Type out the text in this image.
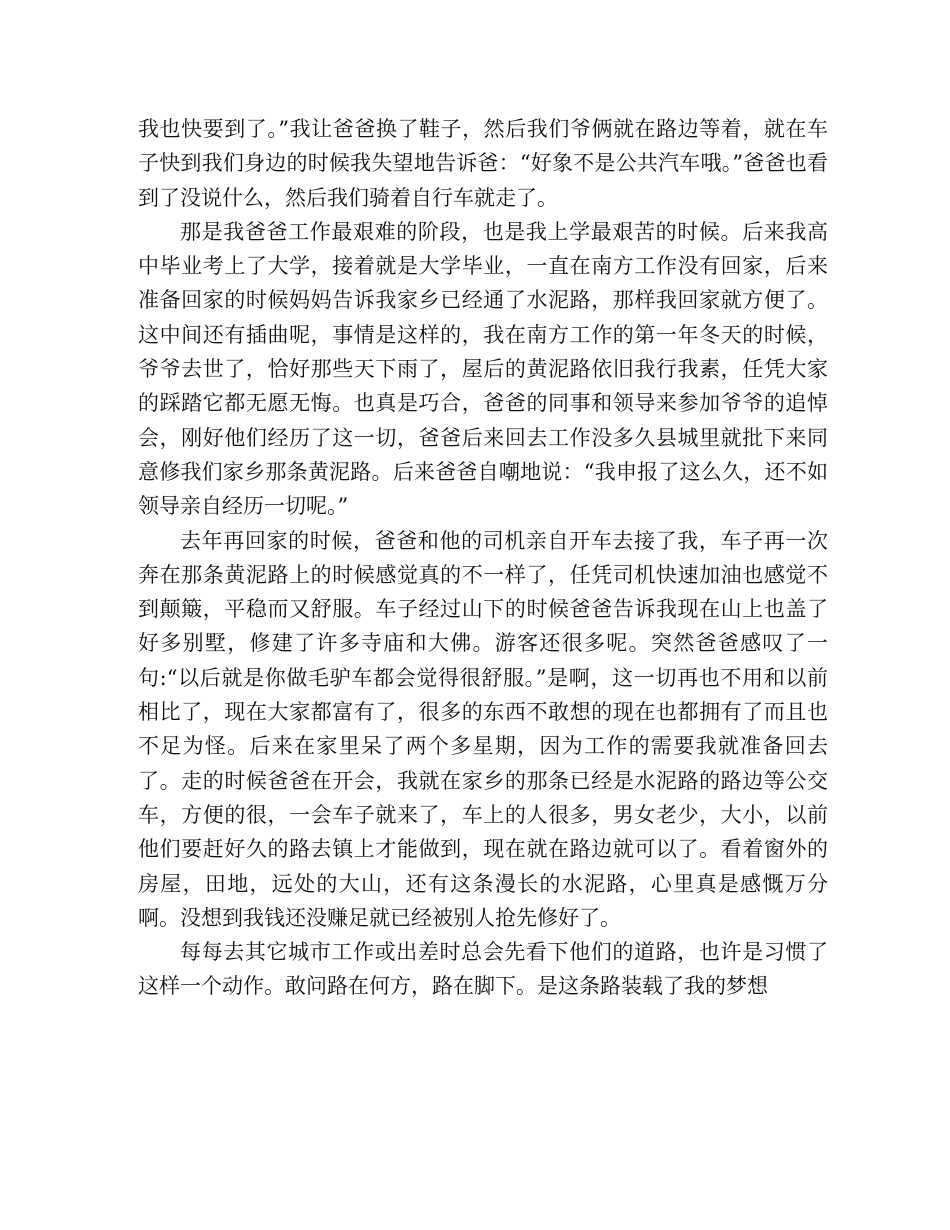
我也快要到了。”我让爸爸换了鞋子，然后我们爷俩就在路边等着，就在车子快到我们身边的时候我失望地告诉爸：“好象不是公共汽车哦。”爸爸也看到了没说什么，然后我们骑着自行车就走了。

那是我爸爸工作最艰难的阶段，也是我上学最艰苦的时候。后来我高中毕业考上了大学，接着就是大学毕业，一直在南方工作没有回家，后来准备回家的时候妈妈告诉我家乡已经通了水泥路，那样我回家就方便了。这中间还有插曲呢，事情是这样的，我在南方工作的第一年冬天的时候，爷爷去世了，恰好那些天下雨了，屋后的黄泥路依旧我行我素，任凭大家的踩踏它都无愿无悔。也真是巧合，爸爸的同事和领导来参加爷爷的追悼会，刚好他们经历了这一切，爸爸后来回去工作没多久县城里就批下来同意修我们家乡那条黄泥路。后来爸爸自嘲地说：“我申报了这么久，还不如领导亲自经历一切呢。”

去年再回家的时候，爸爸和他的司机亲自开车去接了我，车子再一次奔在那条黄泥路上的时候感觉真的不一样了，任凭司机快速加油也感觉不到颠簸，平稳而又舒服。车子经过山下的时候爸爸告诉我现在山上也盖了好多别墅，修建了许多寺庙和大佛。游客还很多呢。突然爸爸感叹了一句:“以后就是你做毛驴车都会觉得很舒服。”是啊，这一切再也不用和以前相比了，现在大家都富有了，很多的东西不敢想的现在也都拥有了而且也不足为怪。后来在家里呆了两个多星期，因为工作的需要我就准备回去了。走的时候爸爸在开会，我就在家乡的那条已经是水泥路的路边等公交车，方便的很，一会车子就来了，车上的人很多，男女老少，大小，以前他们要赶好久的路去镇上才能做到，现在就在路边就可以了。看着窗外的房屋，田地，远处的大山，还有这条漫长的水泥路，心里真是感慨万分啊。没想到我钱还没赚足就已经被别人抢先修好了。

每每去其它城市工作或出差时总会先看下他们的道路，也许是习惯了这样一个动作。敢问路在何方，路在脚下。是这条路装载了我的梦想
